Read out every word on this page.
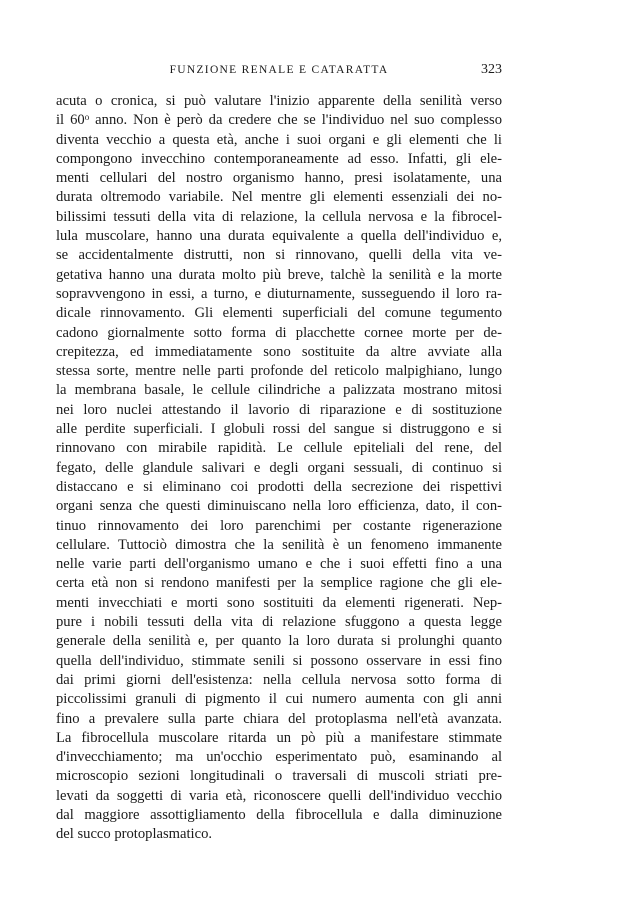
FUNZIONE RENALE E CATARATTA	323
acuta o cronica, si può valutare l'inizio apparente della senilità verso
il 60$^o$ anno. Non è però da credere che se l'individuo nel suo complesso
diventa vecchio a questa età, anche i suoi organi e gli elementi che li
compongono invecchino contemporaneamente ad esso. Infatti, gli ele-
menti cellulari del nostro organismo hanno, presi isolatamente, una
durata oltremodo variabile. Nel mentre gli elementi essenziali dei no-
bilissimi tessuti della vita di relazione, la cellula nervosa e la fibrocel-
lula muscolare, hanno una durata equivalente a quella dell'individuo e,
se accidentalmente distrutti, non si rinnovano, quelli della vita ve-
getativa hanno una durata molto più breve, talchè la senilità e la morte
sopravvengono in essi, a turno, e diuturnamente, susseguendo il loro ra-
dicale rinnovamento. Gli elementi superficiali del comune tegumento
cadono giornalmente sotto forma di placchette cornee morte per de-
crepitezza, ed immediatamente sono sostituite da altre avviate alla
stessa sorte, mentre nelle parti profonde del reticolo malpighiano, lungo
la membrana basale, le cellule cilindriche a palizzata mostrano mitosi
nei loro nuclei attestando il lavorio di riparazione e di sostituzione
alle perdite superficiali. I globuli rossi del sangue si distruggono e si
rinnovano con mirabile rapidità. Le cellule epiteliali del rene, del
fegato, delle glandule salivari e degli organi sessuali, di continuo si
distaccano e si eliminano coi prodotti della secrezione dei rispettivi
organi senza che questi diminuiscano nella loro efficienza, dato, il con-
tinuo rinnovamento dei loro parenchimi per costante rigenerazione
cellulare. Tuttociò dimostra che la senilità è un fenomeno immanente
nelle varie parti dell'organismo umano e che i suoi effetti fino a una
certa età non si rendono manifesti per la semplice ragione che gli ele-
menti invecchiati e morti sono sostituiti da elementi rigenerati. Nep-
pure i nobili tessuti della vita di relazione sfuggono a questa legge
generale della senilità e, per quanto la loro durata si prolunghi quanto
quella dell'individuo, stimmate senili si possono osservare in essi fino
dai primi giorni dell'esistenza: nella cellula nervosa sotto forma di
piccolissimi granuli di pigmento il cui numero aumenta con gli anni
fino a prevalere sulla parte chiara del protoplasma nell'età avanzata.
La fibrocellula muscolare ritarda un pò più a manifestare stimmate
d'invecchiamento; ma un'occhio esperimentato può, esaminando al
microscopio sezioni longitudinali o traversali di muscoli striati pre-
levati da soggetti di varia età, riconoscere quelli dell'individuo vecchio
dal maggiore assottigliamento della fibrocellula e dalla diminuzione
del succo protoplasmatico.
